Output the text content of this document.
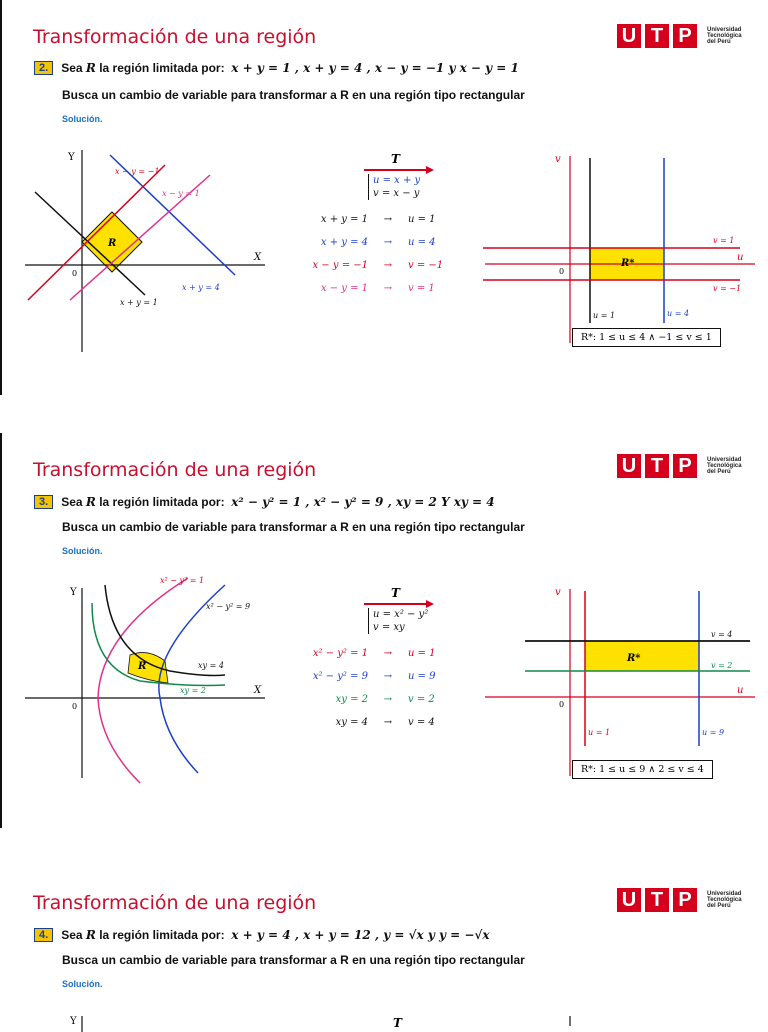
Transformación de una región	U T P	Universidad
Tecnológica
del Perú
2.	Sea
R
la región limitada por:
x + y = 1 , x + y = 4 , x − y = −1 y x − y = 1
Busca un cambio de variable para transformar a R en una región tipo rectangular
Solución.
Y
X
0
R
x − y = −1
x − y = 1
x + y = 4
x + y = 1
T
u = x + y
v = x − y
x + y = 1	→	u = 1
x + y = 4	→	u = 4
x − y = −1	→	v = −1
x − y = 1	→	v = 1
v
u
0
R*
v = 1
v = −1
u = 1	u = 4
R*: 1 ≤ u ≤ 4 ∧ −1 ≤ v ≤ 1
Transformación de una región	U T P	Universidad
Tecnológica
del Perú
3.	Sea
R
la región limitada por:
x² − y² = 1 , x² − y² = 9 , xy = 2 Y xy = 4
Busca un cambio de variable para transformar a R en una región tipo rectangular
Solución.
Y
X
0
R
x² − y² = 1
x² − y² = 9
xy = 4
xy = 2
T
u = x² − y²
v = xy
x² − y² = 1	→	u = 1
x² − y² = 9	→	u = 9
xy = 2	→	v = 2
xy = 4	→	v = 4
v
u
0
R*
v = 4
v = 2
u = 1	u = 9
R*: 1 ≤ u ≤ 9 ∧ 2 ≤ v ≤ 4
Transformación de una región	U T P	Universidad
Tecnológica
del Perú
4.	Sea
R
la región limitada por:
x + y = 4 , x + y = 12 , y = √x y y = −√x
Busca un cambio de variable para transformar a R en una región tipo rectangular
Solución.
Y	T
